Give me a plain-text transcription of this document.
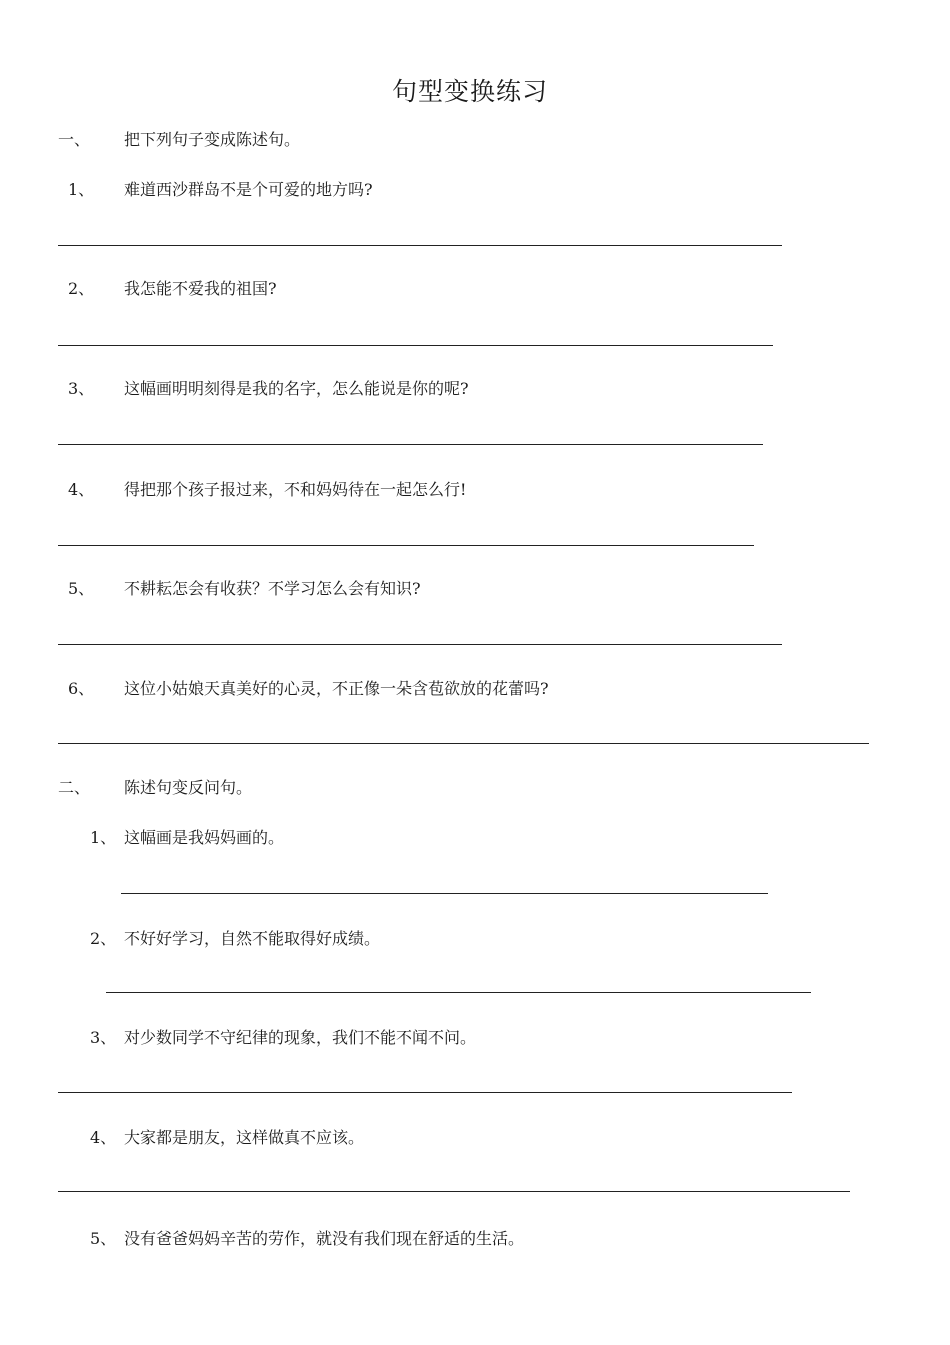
句型变换练习
一、 把下列句子变成陈述句。
1、 难道西沙群岛不是个可爱的地方吗?
2、 我怎能不爱我的祖国?
3、 这幅画明明刻得是我的名字，怎么能说是你的呢?
4、 得把那个孩子报过来，不和妈妈待在一起怎么行!
5、 不耕耘怎会有收获？不学习怎么会有知识?
6、 这位小姑娘天真美好的心灵，不正像一朵含苞欲放的花蕾吗?
二、 陈述句变反问句。
1、 这幅画是我妈妈画的。
2、 不好好学习，自然不能取得好成绩。
3、 对少数同学不守纪律的现象，我们不能不闻不问。
4、 大家都是朋友，这样做真不应该。
5、 没有爸爸妈妈辛苦的劳作，就没有我们现在舒适的生活。
